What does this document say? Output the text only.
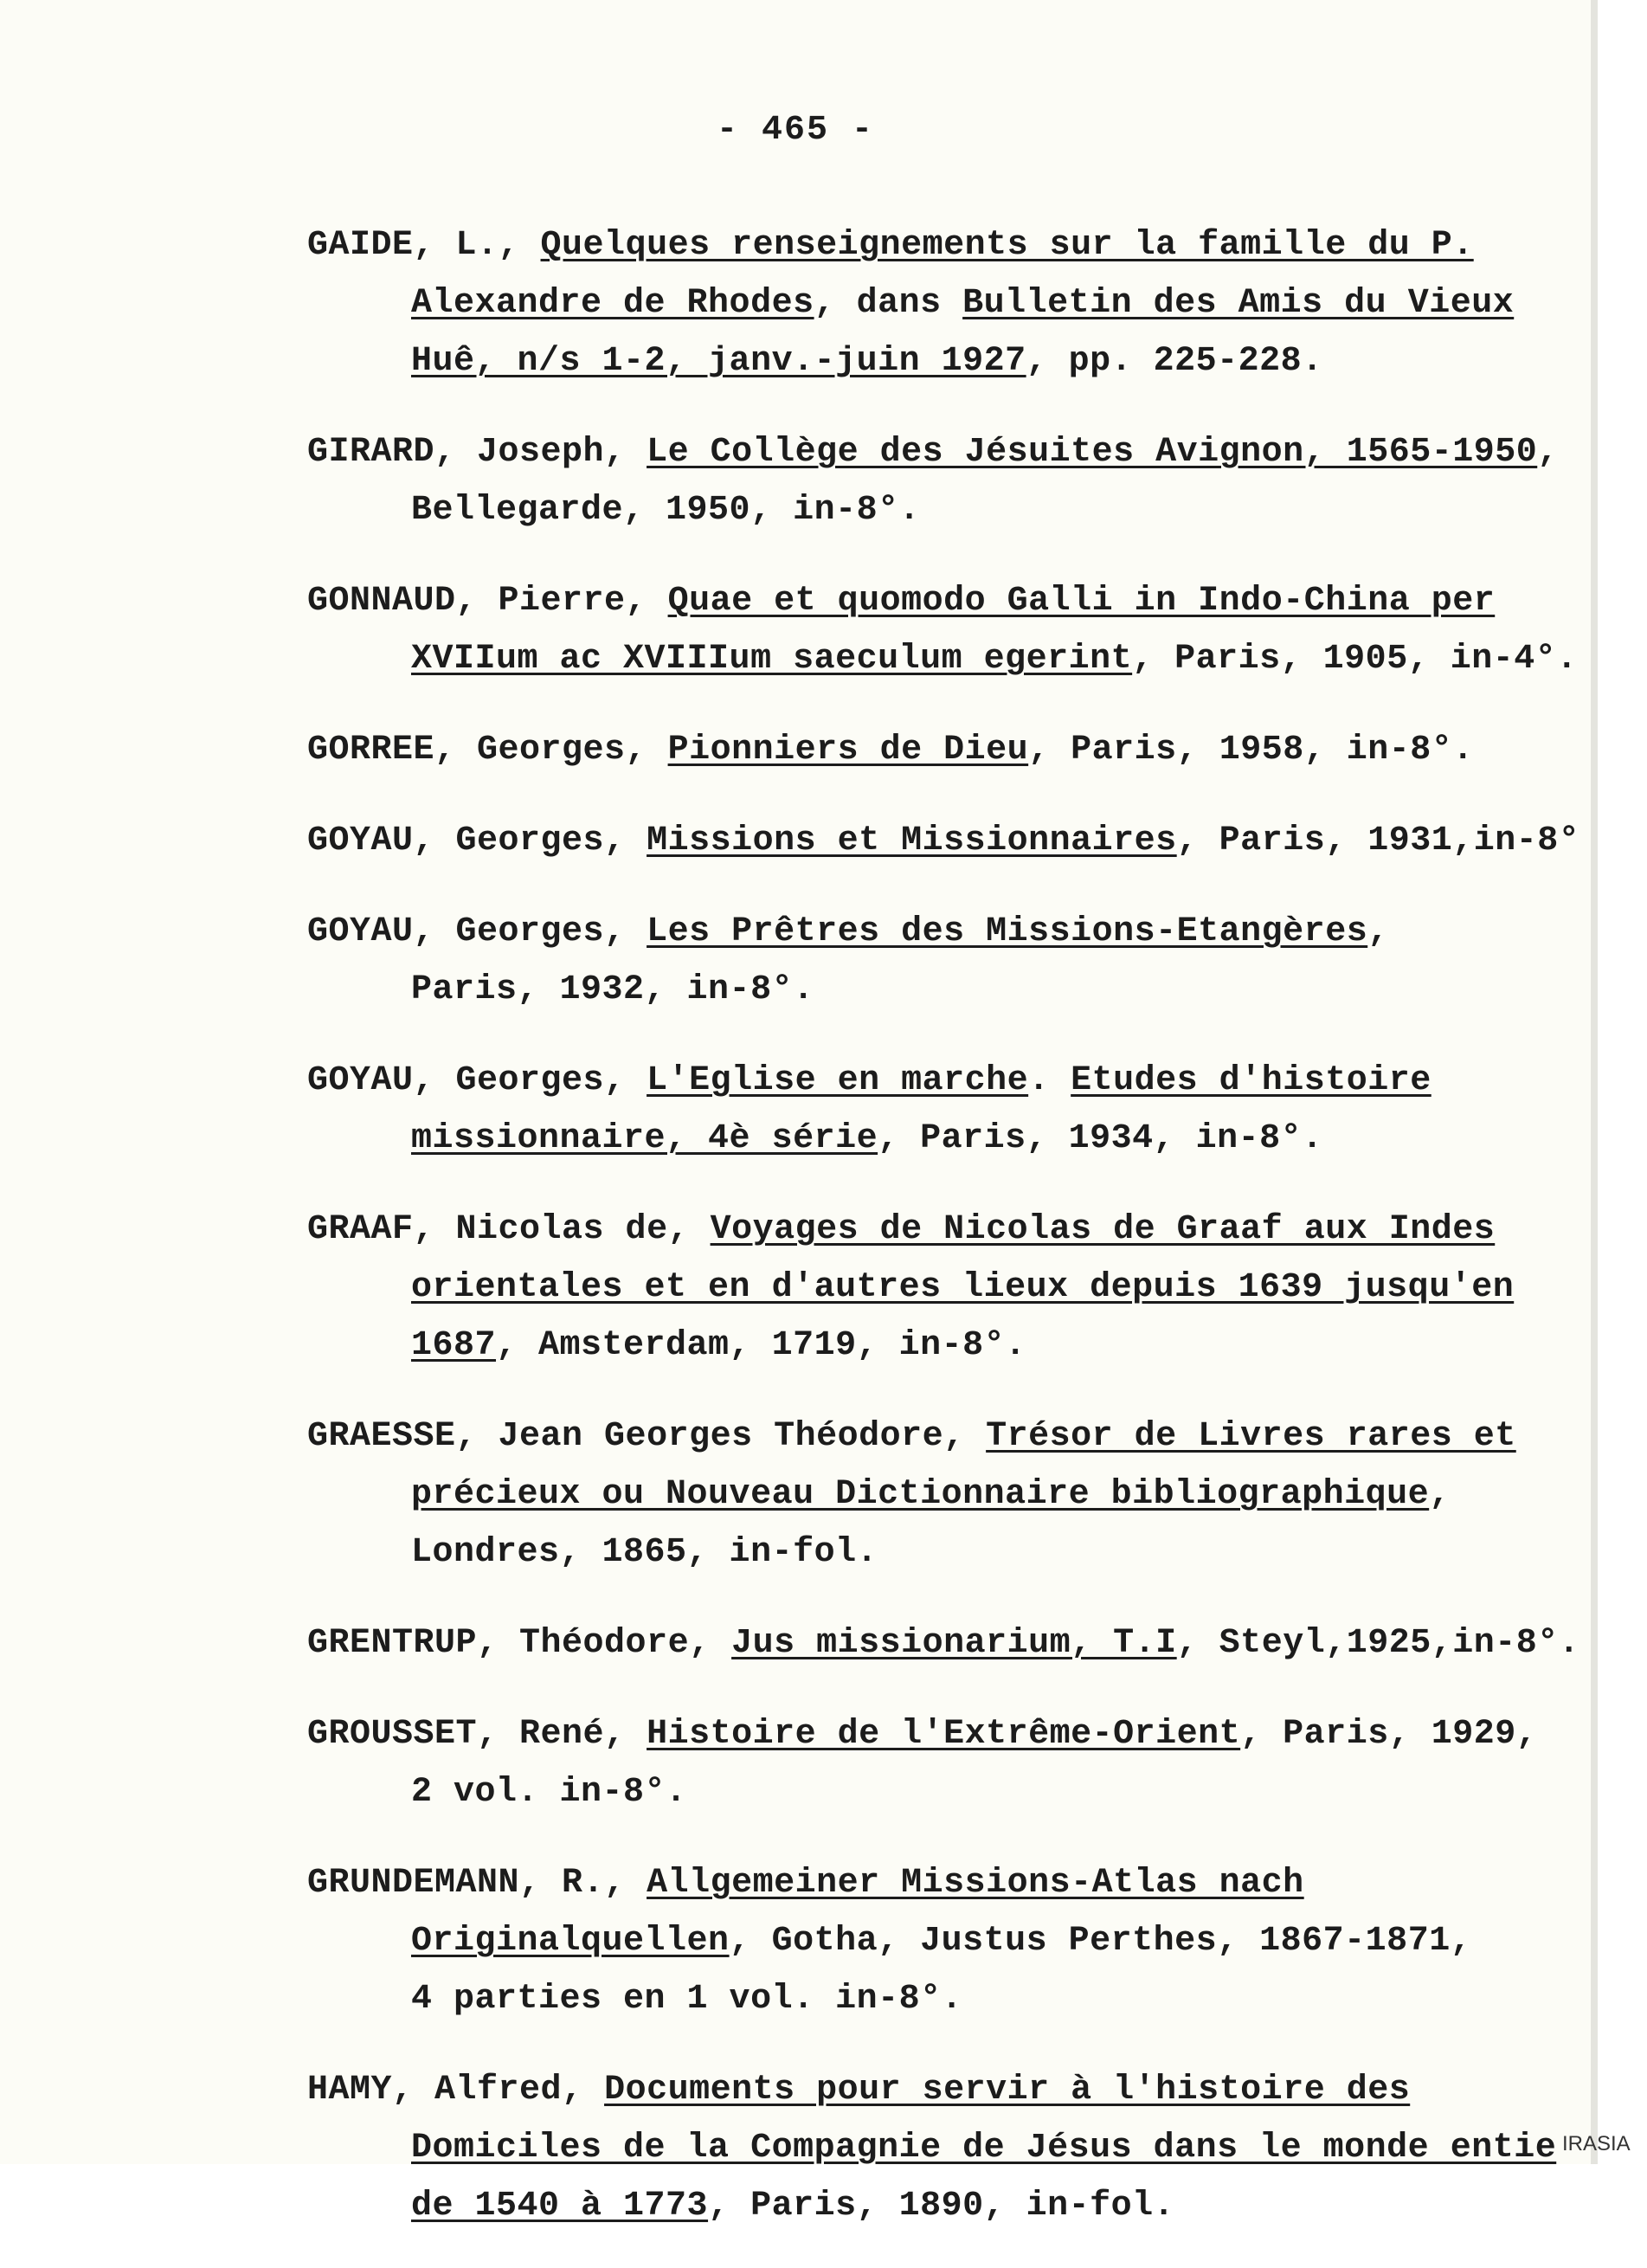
- 465 -
GAIDE, L., Quelques renseignements sur la famille du P.
Alexandre de Rhodes, dans Bulletin des Amis du Vieux
Huê, n/s 1-2, janv.-juin 1927, pp. 225-228.
GIRARD, Joseph, Le Collège des Jésuites Avignon, 1565-1950,
Bellegarde, 1950, in-8°.
GONNAUD, Pierre, Quae et quomodo Galli in Indo-China per
XVIIum ac XVIIIum saeculum egerint, Paris, 1905, in-4°.
GORREE, Georges, Pionniers de Dieu, Paris, 1958, in-8°.
GOYAU, Georges, Missions et Missionnaires, Paris, 1931,in-8°
GOYAU, Georges, Les Prêtres des Missions-Etangères,
Paris, 1932, in-8°.
GOYAU, Georges, L'Eglise en marche. Etudes d'histoire
missionnaire, 4è série, Paris, 1934, in-8°.
GRAAF, Nicolas de, Voyages de Nicolas de Graaf aux Indes
orientales et en d'autres lieux depuis 1639 jusqu'en
1687, Amsterdam, 1719, in-8°.
GRAESSE, Jean Georges Théodore, Trésor de Livres rares et
précieux ou Nouveau Dictionnaire bibliographique,
Londres, 1865, in-fol.
GRENTRUP, Théodore, Jus missionarium, T.I, Steyl,1925,in-8°.
GROUSSET, René, Histoire de l'Extrême-Orient, Paris, 1929,
2 vol. in-8°.
GRUNDEMANN, R., Allgemeiner Missions-Atlas nach
Originalquellen, Gotha, Justus Perthes, 1867-1871,
4 parties en 1 vol. in-8°.
HAMY, Alfred, Documents pour servir à l'histoire des
Domiciles de la Compagnie de Jésus dans le monde entie
de 1540 à 1773, Paris, 1890, in-fol.
IRASIA
